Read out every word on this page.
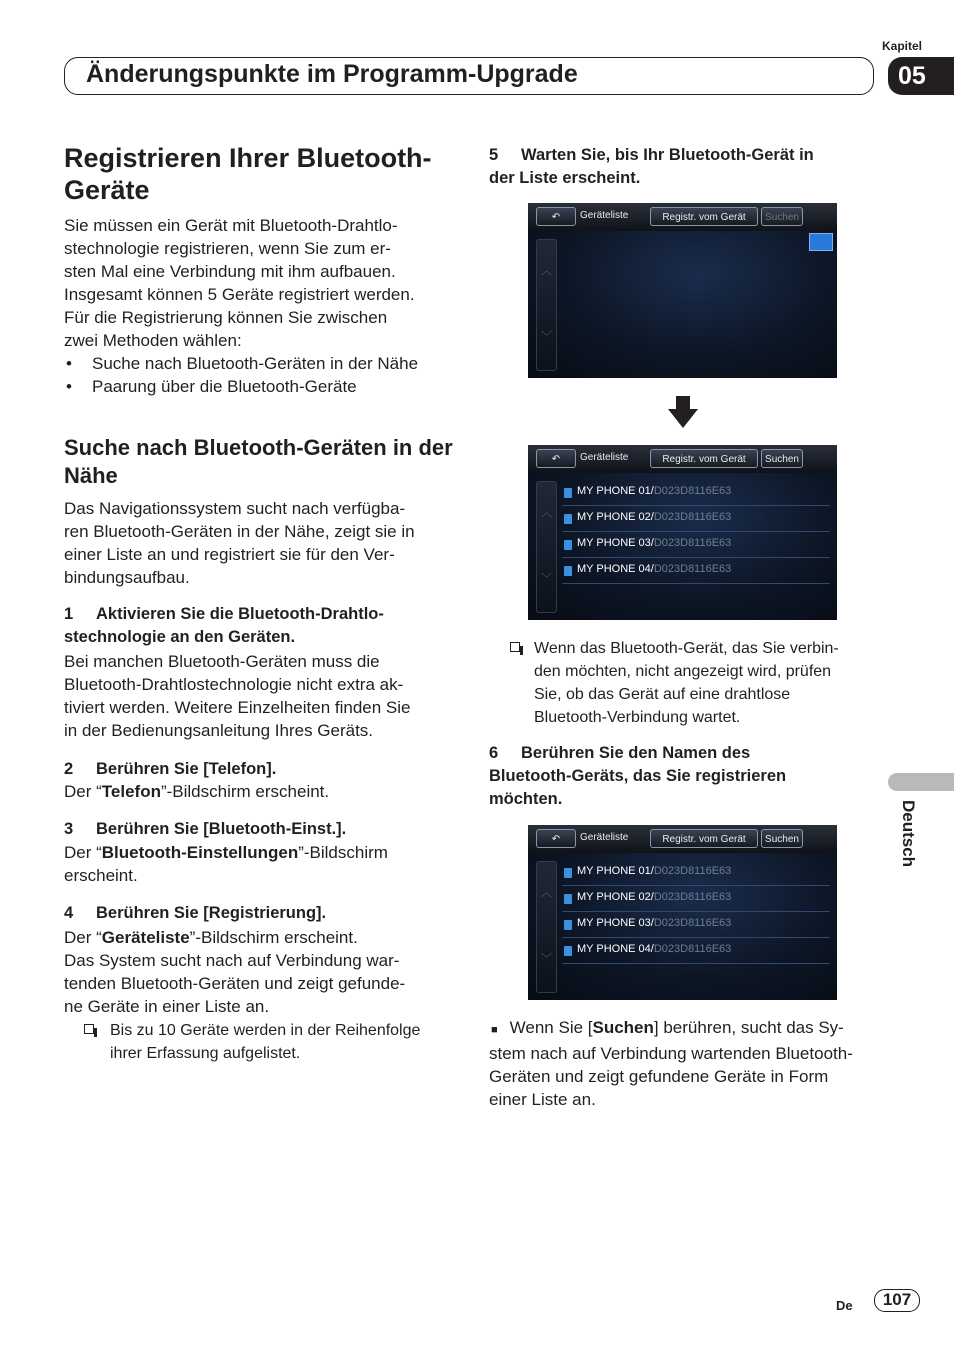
Kapitel
Änderungspunkte im Programm-Upgrade	05
Deutsch
Registrieren Ihrer Bluetooth-Geräte
Sie müssen ein Gerät mit Bluetooth-Drahtlo-
stechnologie registrieren, wenn Sie zum er-
sten Mal eine Verbindung mit ihm aufbauen.
Insgesamt können 5 Geräte registriert werden.
Für die Registrierung können Sie zwischen
zwei Methoden wählen:
• Suche nach Bluetooth-Geräten in der Nähe
• Paarung über die Bluetooth-Geräte
Suche nach Bluetooth-Geräten in der Nähe
Das Navigationssystem sucht nach verfügba-
ren Bluetooth-Geräten in der Nähe, zeigt sie in
einer Liste an und registriert sie für den Ver-
bindungsaufbau.
1 Aktivieren Sie die Bluetooth-Drahtlo-
stechnologie an den Geräten.
Bei manchen Bluetooth-Geräten muss die
Bluetooth-Drahtlostechnologie nicht extra ak-
tiviert werden. Weitere Einzelheiten finden Sie
in der Bedienungsanleitung Ihres Geräts.
2 Berühren Sie [Telefon].
Der “Telefon”-Bildschirm erscheint.
3 Berühren Sie [Bluetooth-Einst.].
Der “Bluetooth-Einstellungen”-Bildschirm
erscheint.
4 Berühren Sie [Registrierung].
Der “Geräteliste”-Bildschirm erscheint.
Das System sucht nach auf Verbindung war-
tenden Bluetooth-Geräten und zeigt gefunde-
ne Geräte in einer Liste an.
Bis zu 10 Geräte werden in der Reihenfolge
ihrer Erfassung aufgelistet.
5 Warten Sie, bis Ihr Bluetooth-Gerät in
der Liste erscheint.
↶	Geräteliste	Registr. vom Gerät	Suchen
︿
﹀
↶	Geräteliste	Registr. vom Gerät	Suchen
︿
﹀
MY PHONE 01/D023D8116E63
MY PHONE 02/D023D8116E63
MY PHONE 03/D023D8116E63
MY PHONE 04/D023D8116E63
Wenn das Bluetooth-Gerät, das Sie verbin-
den möchten, nicht angezeigt wird, prüfen
Sie, ob das Gerät auf eine drahtlose
Bluetooth-Verbindung wartet.
6 Berühren Sie den Namen des
Bluetooth-Geräts, das Sie registrieren
möchten.
↶	Geräteliste	Registr. vom Gerät	Suchen
︿
﹀
MY PHONE 01/D023D8116E63
MY PHONE 02/D023D8116E63
MY PHONE 03/D023D8116E63
MY PHONE 04/D023D8116E63
■ Wenn Sie [Suchen] berühren, sucht das Sy-
stem nach auf Verbindung wartenden Bluetooth-
Geräten und zeigt gefundene Geräte in Form
einer Liste an.
De	107
